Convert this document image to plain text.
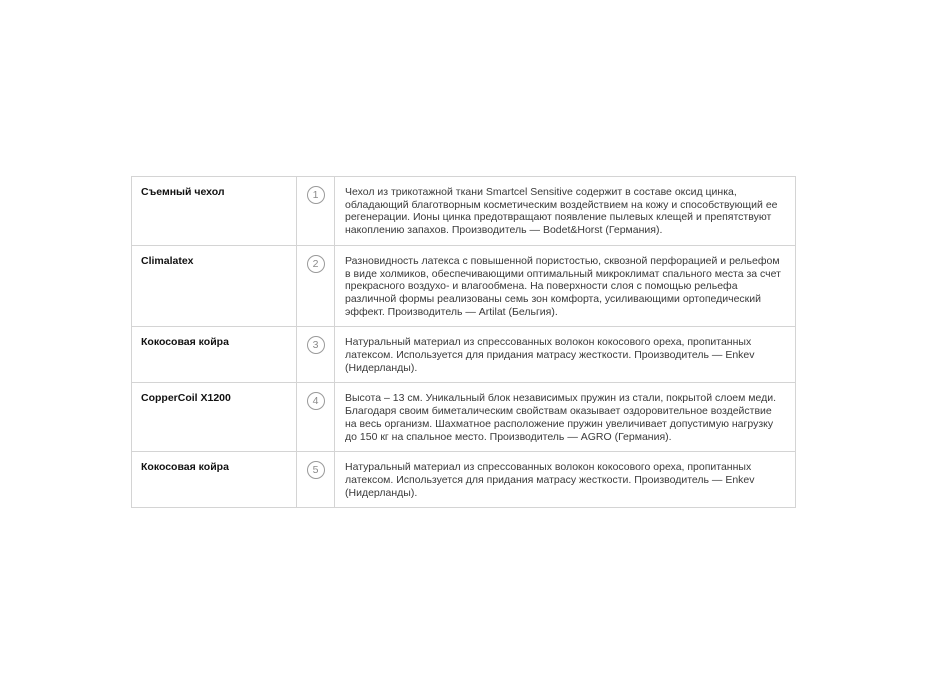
Съемный чехол	1	Чехол из трикотажной ткани Smartcel Sensitive содержит в составе оксид цинка, обладающий благотворным косметическим воздействием на кожу и способствующий ее регенерации. Ионы цинка предотвращают появление пылевых клещей и препятствуют накоплению запахов. Производитель — Bodet&Horst (Германия).
Climalatex	2	Разновидность латекса с повышенной пористостью, сквозной перфорацией и рельефом в виде холмиков, обеспечивающими оптимальный микроклимат спального места за счет прекрасного воздухо- и влагообмена. На поверхности слоя с помощью рельефа различной формы реализованы семь зон комфорта, усиливающими ортопедический эффект. Производитель — Artilat (Бельгия).
Кокосовая койра	3	Натуральный материал из спрессованных волокон кокосового ореха, пропитанных латексом. Используется для придания матрасу жесткости. Производитель — Enkev (Нидерланды).
CopperCoil X1200	4	Высота – 13 см. Уникальный блок независимых пружин из стали, покрытой слоем меди. Благодаря своим биметалическим свойствам оказывает оздоровительное воздействие на весь организм. Шахматное расположение пружин увеличивает допустимую нагрузку до 150 кг на спальное место. Производитель — AGRO (Германия).
Кокосовая койра	5	Натуральный материал из спрессованных волокон кокосового ореха, пропитанных латексом. Используется для придания матрасу жесткости. Производитель — Enkev (Нидерланды).
